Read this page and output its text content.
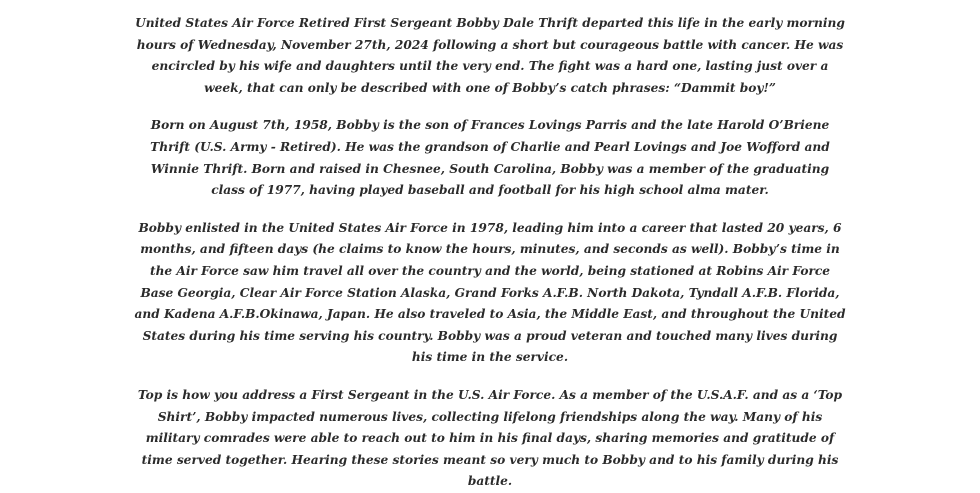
United States Air Force Retired First Sergeant Bobby Dale Thrift departed this life in the early morning hours of Wednesday, November 27th, 2024 following a short but courageous battle with cancer. He was encircled by his wife and daughters until the very end. The fight was a hard one, lasting just over a week, that can only be described with one of Bobby’s catch phrases: “Dammit boy!”

Born on August 7th, 1958, Bobby is the son of Frances Lovings Parris and the late Harold O’Briene Thrift (U.S. Army - Retired). He was the grandson of Charlie and Pearl Lovings and Joe Wofford and Winnie Thrift. Born and raised in Chesnee, South Carolina, Bobby was a member of the graduating class of 1977, having played baseball and football for his high school alma mater.

Bobby enlisted in the United States Air Force in 1978, leading him into a career that lasted 20 years, 6 months, and fifteen days (he claims to know the hours, minutes, and seconds as well). Bobby’s time in the Air Force saw him travel all over the country and the world, being stationed at Robins Air Force Base Georgia, Clear Air Force Station Alaska, Grand Forks A.F.B. North Dakota, Tyndall A.F.B. Florida, and Kadena A.F.B.Okinawa, Japan. He also traveled to Asia, the Middle East, and throughout the United States during his time serving his country. Bobby was a proud veteran and touched many lives during his time in the service.

Top is how you address a First Sergeant in the U.S. Air Force. As a member of the U.S.A.F. and as a ‘Top Shirt’, Bobby impacted numerous lives, collecting lifelong friendships along the way. Many of his military comrades were able to reach out to him in his final days, sharing memories and gratitude of time served together. Hearing these stories meant so very much to Bobby and to his family during his battle.
